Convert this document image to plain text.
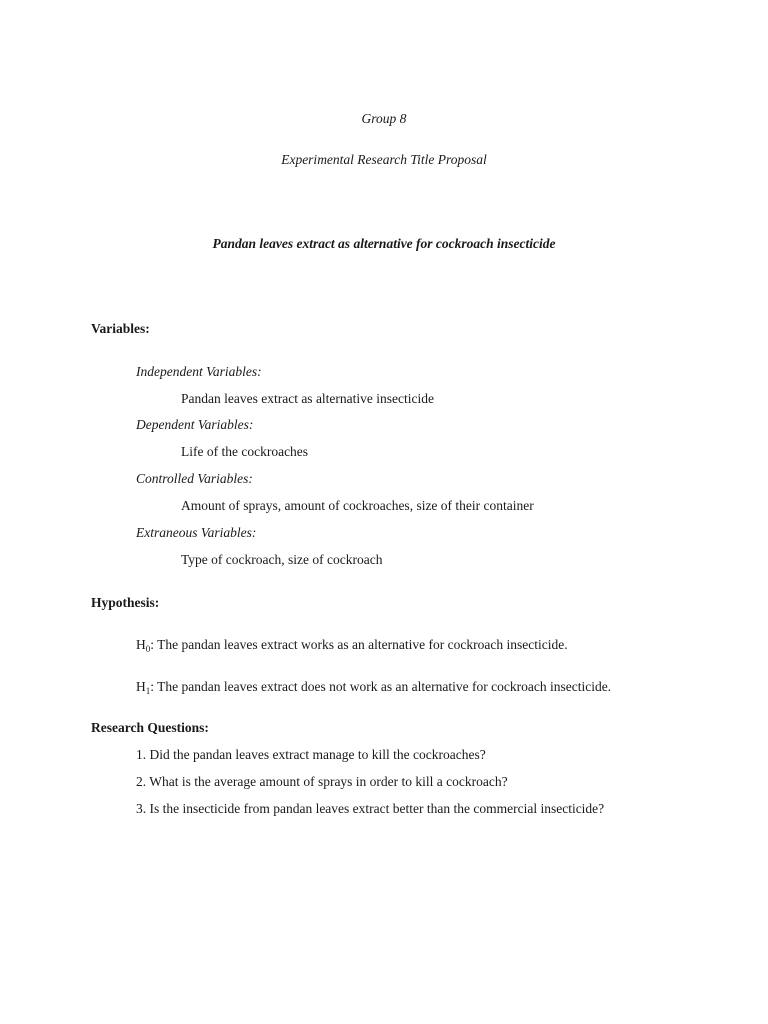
Group 8
Experimental Research Title Proposal
Pandan leaves extract as alternative for cockroach insecticide
Variables:
Independent Variables:
Pandan leaves extract as alternative insecticide
Dependent Variables:
Life of the cockroaches
Controlled Variables:
Amount of sprays, amount of cockroaches, size of their container
Extraneous Variables:
Type of cockroach, size of cockroach
Hypothesis:
$H_0$: The pandan leaves extract works as an alternative for cockroach insecticide.
$H_1$: The pandan leaves extract does not work as an alternative for cockroach insecticide.
Research Questions:
1. Did the pandan leaves extract manage to kill the cockroaches?
2. What is the average amount of sprays in order to kill a cockroach?
3. Is the insecticide from pandan leaves extract better than the commercial insecticide?
